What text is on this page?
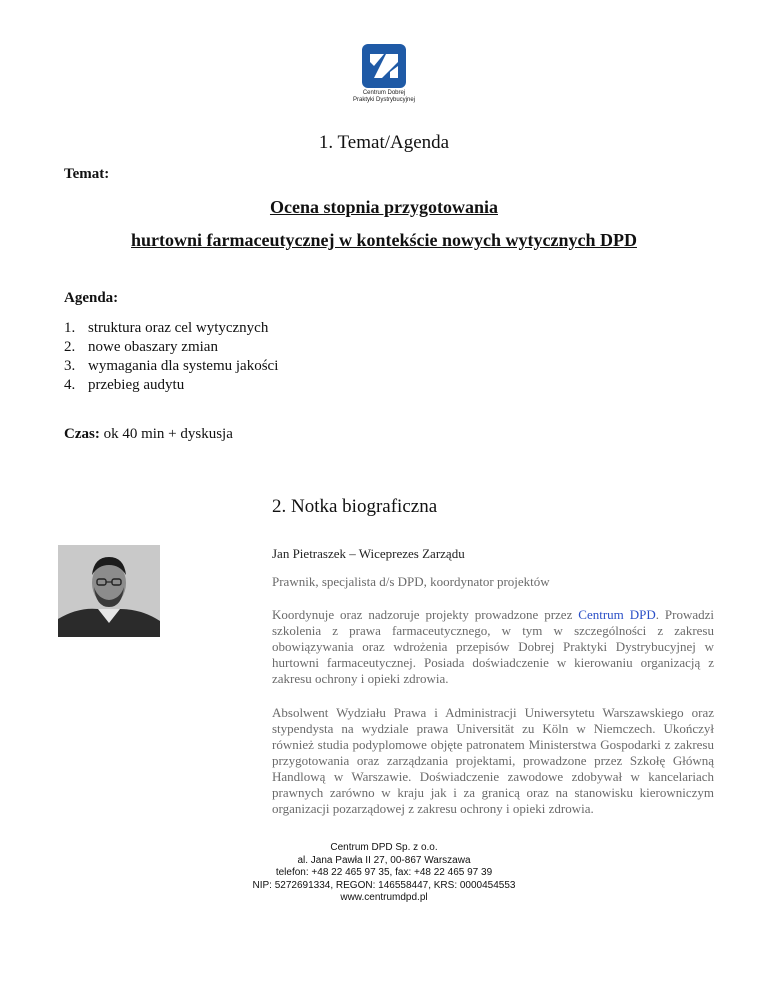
Centrum Dobrej
Praktyki Dystrybucyjnej
1. Temat/Agenda
Temat:
Ocena stopnia przygotowania
hurtowni farmaceutycznej w kontekście nowych wytycznych DPD
Agenda:
1. struktura oraz cel wytycznych
2. nowe obaszary zmian
3. wymagania dla systemu jakości
4. przebieg audytu
Czas: ok 40 min + dyskusja
2. Notka biograficzna
Jan Pietraszek – Wiceprezes Zarządu
Prawnik, specjalista d/s DPD, koordynator projektów
Koordynuje oraz nadzoruje projekty prowadzone przez Centrum DPD. Prowadzi szkolenia z prawa farmaceutycznego, w tym w szczególności z zakresu obowiązywania oraz wdrożenia przepisów Dobrej Praktyki Dystrybucyjnej w hurtowni farmaceutycznej. Posiada doświadczenie w kierowaniu organizacją z zakresu ochrony i opieki zdrowia.
Absolwent Wydziału Prawa i Administracji Uniwersytetu Warszawskiego oraz stypendysta na wydziale prawa Universität zu Köln w Niemczech. Ukończył również studia podyplomowe objęte patronatem Ministerstwa Gospodarki z zakresu przygotowania oraz zarządzania projektami, prowadzone przez Szkołę Główną Handlową w Warszawie. Doświadczenie zawodowe zdobywał w kancelariach prawnych zarówno w kraju jak i za granicą oraz na stanowisku kierowniczym organizacji pozarządowej z zakresu ochrony i opieki zdrowia.
Centrum DPD Sp. z o.o.
al. Jana Pawła II 27, 00-867 Warszawa
telefon: +48 22 465 97 35, fax: +48 22 465 97 39
NIP: 5272691334, REGON: 146558447, KRS: 0000454553
www.centrumdpd.pl
